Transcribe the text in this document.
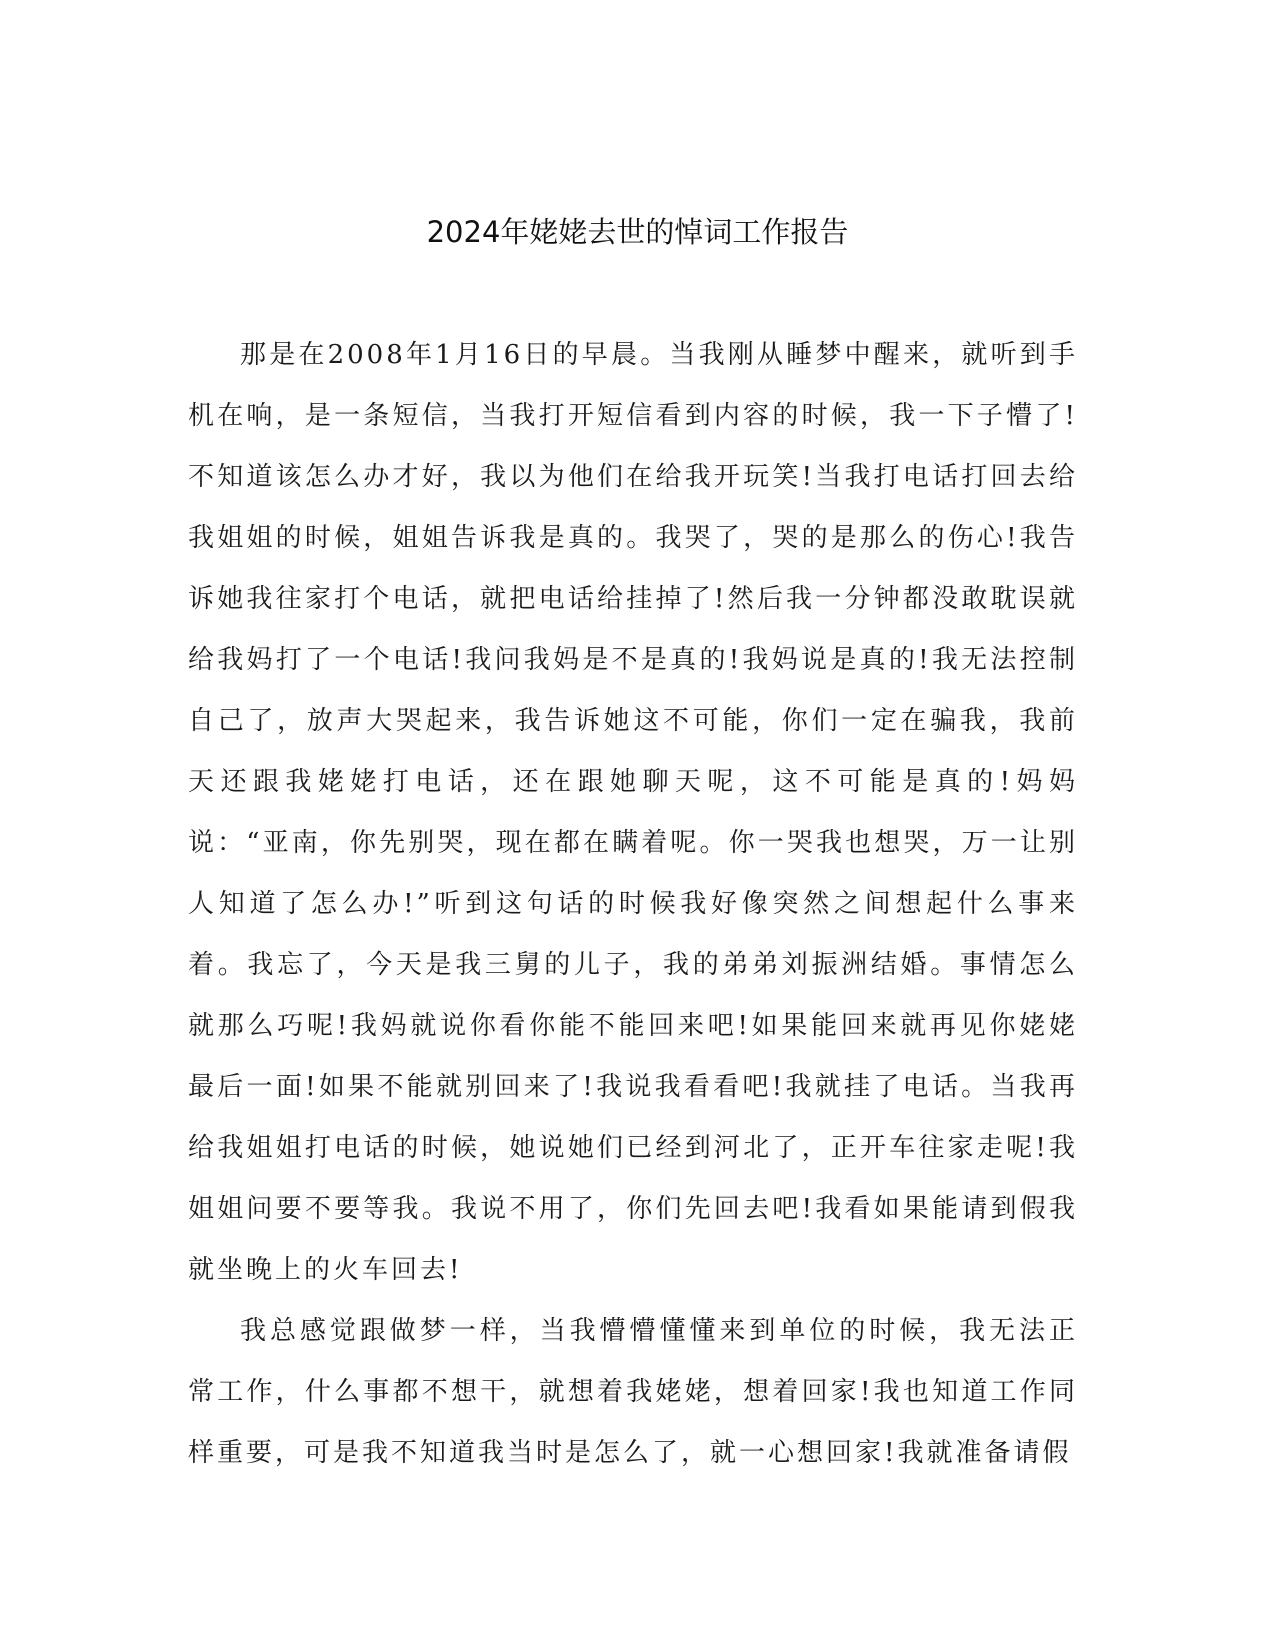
2024年姥姥去世的悼词工作报告

那是在2008年1月16日的早晨。当我刚从睡梦中醒来，就听到手机在响，是一条短信，当我打开短信看到内容的时候，我一下子懵了!不知道该怎么办才好，我以为他们在给我开玩笑!当我打电话打回去给我姐姐的时候，姐姐告诉我是真的。我哭了，哭的是那么的伤心!我告诉她我往家打个电话，就把电话给挂掉了!然后我一分钟都没敢耽误就给我妈打了一个电话!我问我妈是不是真的!我妈说是真的!我无法控制自己了，放声大哭起来，我告诉她这不可能，你们一定在骗我，我前天还跟我姥姥打电话，还在跟她聊天呢，这不可能是真的!妈妈说：“亚南，你先别哭，现在都在瞒着呢。你一哭我也想哭，万一让别人知道了怎么办!”听到这句话的时候我好像突然之间想起什么事来着。我忘了，今天是我三舅的儿子，我的弟弟刘振洲结婚。事情怎么就那么巧呢!我妈就说你看你能不能回来吧!如果能回来就再见你姥姥最后一面!如果不能就别回来了!我说我看看吧!我就挂了电话。当我再给我姐姐打电话的时候，她说她们已经到河北了，正开车往家走呢!我姐姐问要不要等我。我说不用了，你们先回去吧!我看如果能请到假我就坐晚上的火车回去!

我总感觉跟做梦一样，当我懵懵懂懂来到单位的时候，我无法正常工作，什么事都不想干，就想着我姥姥，想着回家!我也知道工作同样重要，可是我不知道我当时是怎么了，就一心想回家!我就准备请假
